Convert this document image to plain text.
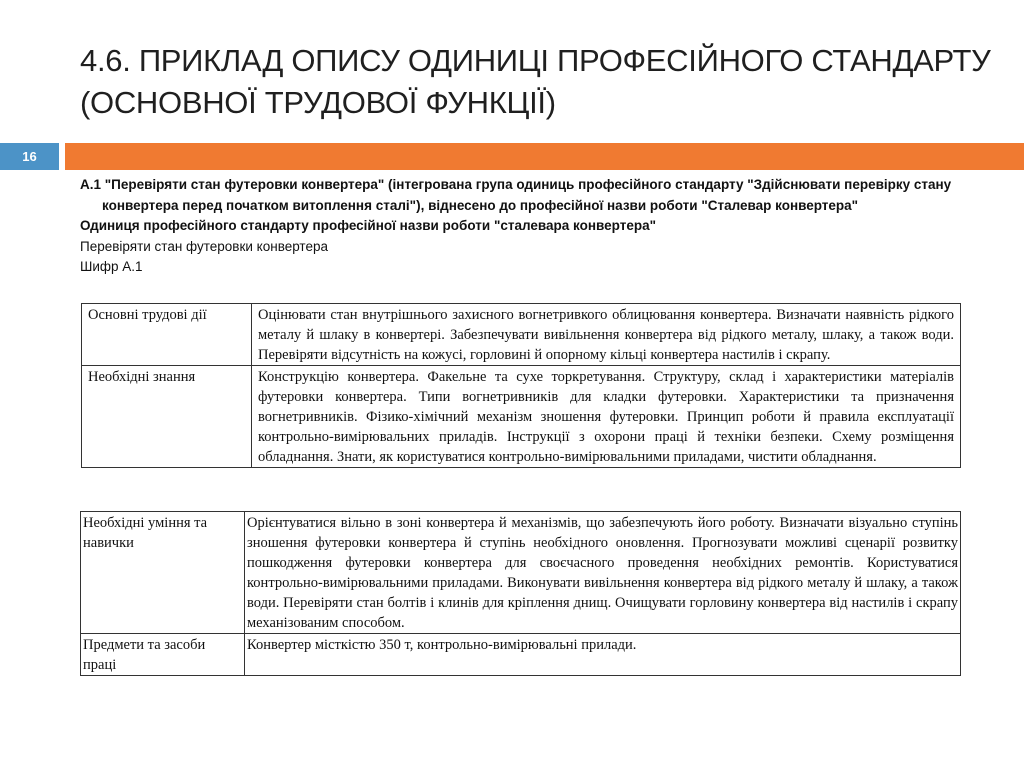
4.6. ПРИКЛАД ОПИСУ ОДИНИЦІ ПРОФЕСІЙНОГО СТАНДАРТУ
(ОСНОВНОЇ ТРУДОВОЇ ФУНКЦІЇ)
16
А.1 "Перевіряти стан футеровки конвертера" (інтегрована група одиниць професійного стандарту "Здійснювати перевірку стану конвертера перед початком витоплення сталі"), віднесено до професійної назви роботи "Сталевар конвертера"
Одиниця професійного стандарту професійної назви роботи "сталевара конвертера"
Перевіряти стан футеровки конвертера
Шифр А.1
Основні трудові дії	Оцінювати стан внутрішнього захисного вогнетривкого облицювання конвертера. Визначати наявність рідкого металу й шлаку в конвертері. Забезпечувати вивільнення конвертера від рідкого металу, шлаку, а також води. Перевіряти відсутність на кожусі, горловині й опорному кільці конвертера настилів і скрапу.
Необхідні знання	Конструкцію конвертера. Факельне та сухе торкретування. Структуру, склад і характеристики матеріалів футеровки конвертера. Типи вогнетривників для кладки футеровки. Характеристики та призначення вогнетривників. Фізико-хімічний механізм зношення футеровки. Принцип роботи й правила експлуатації контрольно-вимірювальних приладів. Інструкції з охорони праці й техніки безпеки. Схему розміщення обладнання. Знати, як користуватися контрольно-вимірювальними приладами, чистити обладнання.
Необхідні уміння та навички	Орієнтуватися вільно в зоні конвертера й механізмів, що забезпечують його роботу. Визначати візуально ступінь зношення футеровки конвертера й ступінь необхідного оновлення. Прогнозувати можливі сценарії розвитку пошкодження футеровки конвертера для своєчасного проведення необхідних ремонтів. Користуватися контрольно-вимірювальними приладами. Виконувати вивільнення конвертера від рідкого металу й шлаку, а також води. Перевіряти стан болтів і клинів для кріплення днищ. Очищувати горловину конвертера від настилів і скрапу механізованим способом.
Предмети та засоби праці	Конвертер місткістю 350 т, контрольно-вимірювальні прилади.
